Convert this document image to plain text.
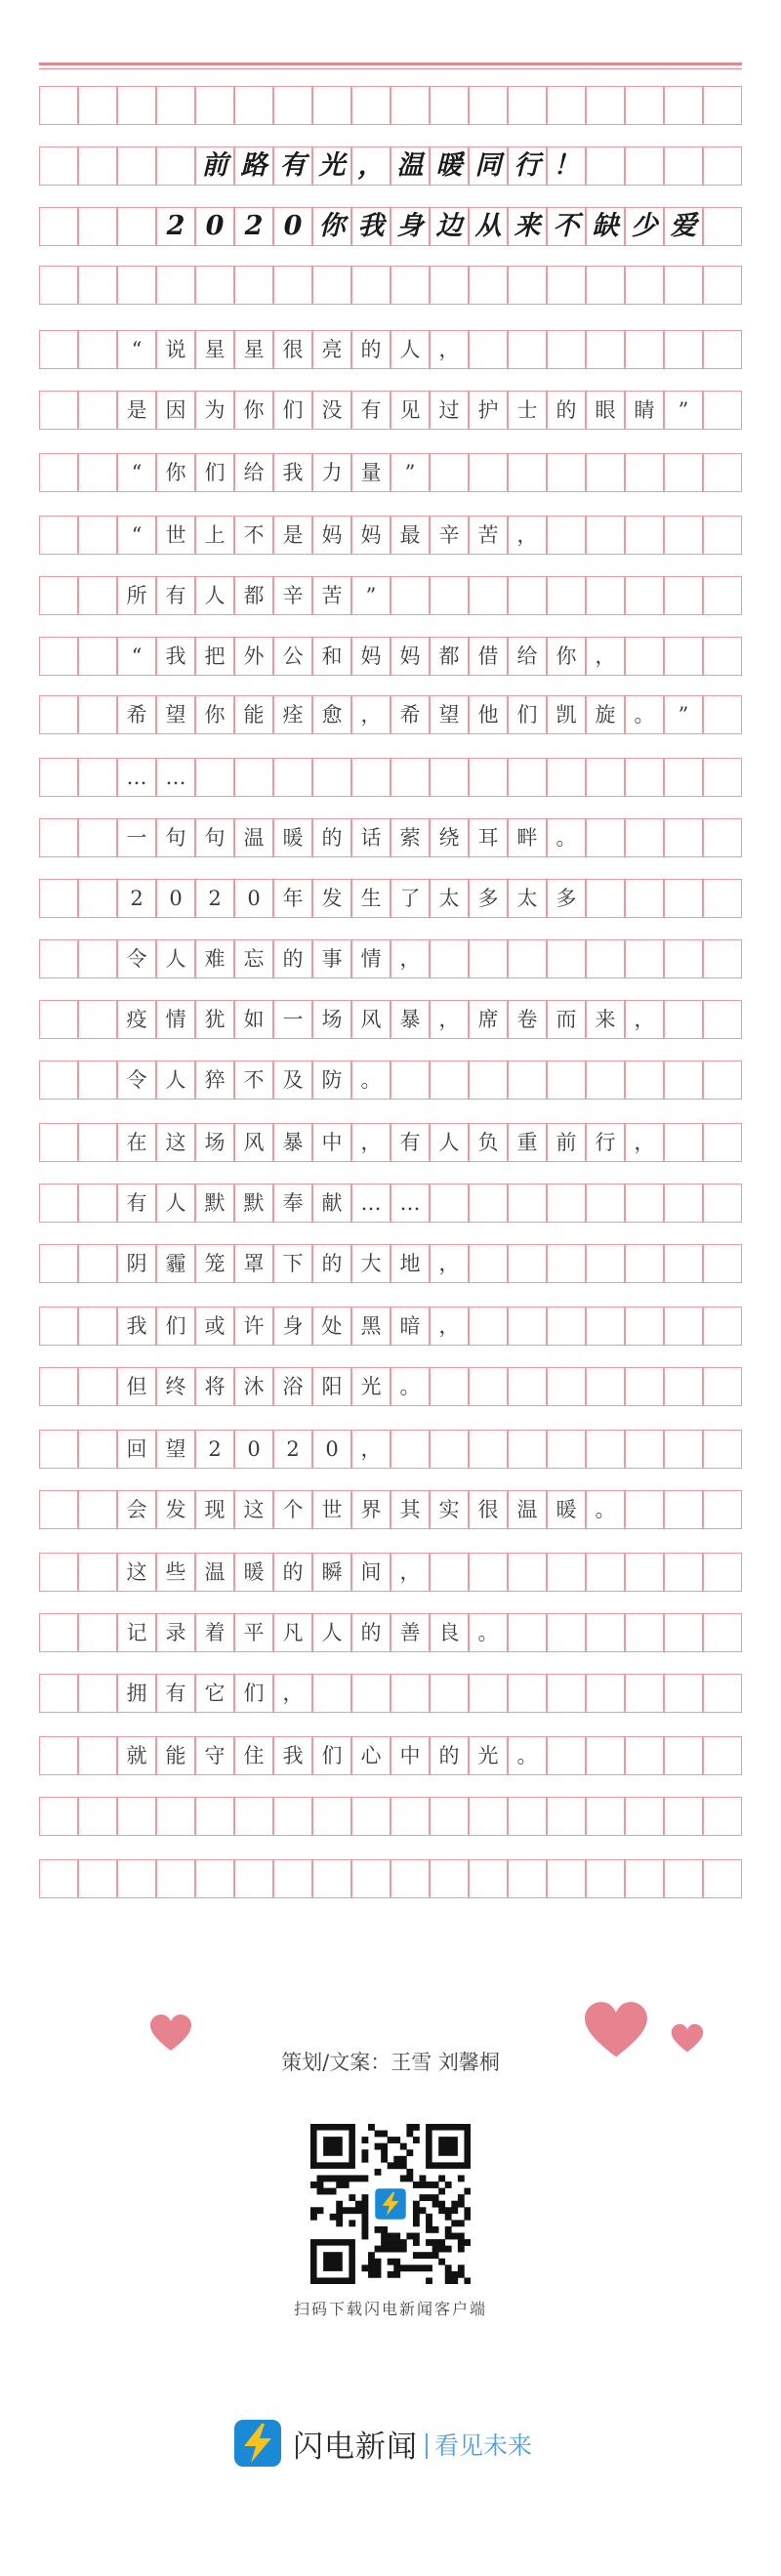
前 路 有 光 ， 温 暖 同 行 ！
2 0 2 0 你 我 身 边 从 来 不 缺 少 爱
“	说 星 星 很 亮 的 人 ，
是 因 为 你 们 没 有 见 过 护 士 的 眼 睛	”
“	你 们 给 我 力 量	”
“	世 上 不 是 妈 妈 最 辛 苦 ，
所 有 人 都 辛 苦	”
“	我 把 外 公 和 妈 妈 都 借 给 你 ，
希 望 你 能 痊 愈 ， 希 望 他 们 凯 旋 。	”
… …
一 句 句 温 暖 的 话 萦 绕 耳 畔 。
2	0	2	0	年 发 生 了 太 多 太 多
令 人 难 忘 的 事 情 ，
疫 情 犹 如 一 场 风 暴 ， 席 卷 而 来 ，
令 人 猝 不 及 防 。
在 这 场 风 暴 中 ， 有 人 负 重 前 行 ，
有 人 默 默 奉 献 … …
阴 霾 笼 罩 下 的 大 地 ，
我 们 或 许 身 处 黑 暗 ，
但 终 将 沐 浴 阳 光 。
回 望	2	0	2	0	，
会 发 现 这 个 世 界 其 实 很 温 暖 。
这 些 温 暖 的 瞬 间 ，
记 录 着 平 凡 人 的 善 良 。
拥 有 它 们 ，
就 能 守 住 我 们 心 中 的 光 。
策划/文案：王雪 刘馨桐
扫码下载闪电新闻客户端
闪电新闻 看见未来
